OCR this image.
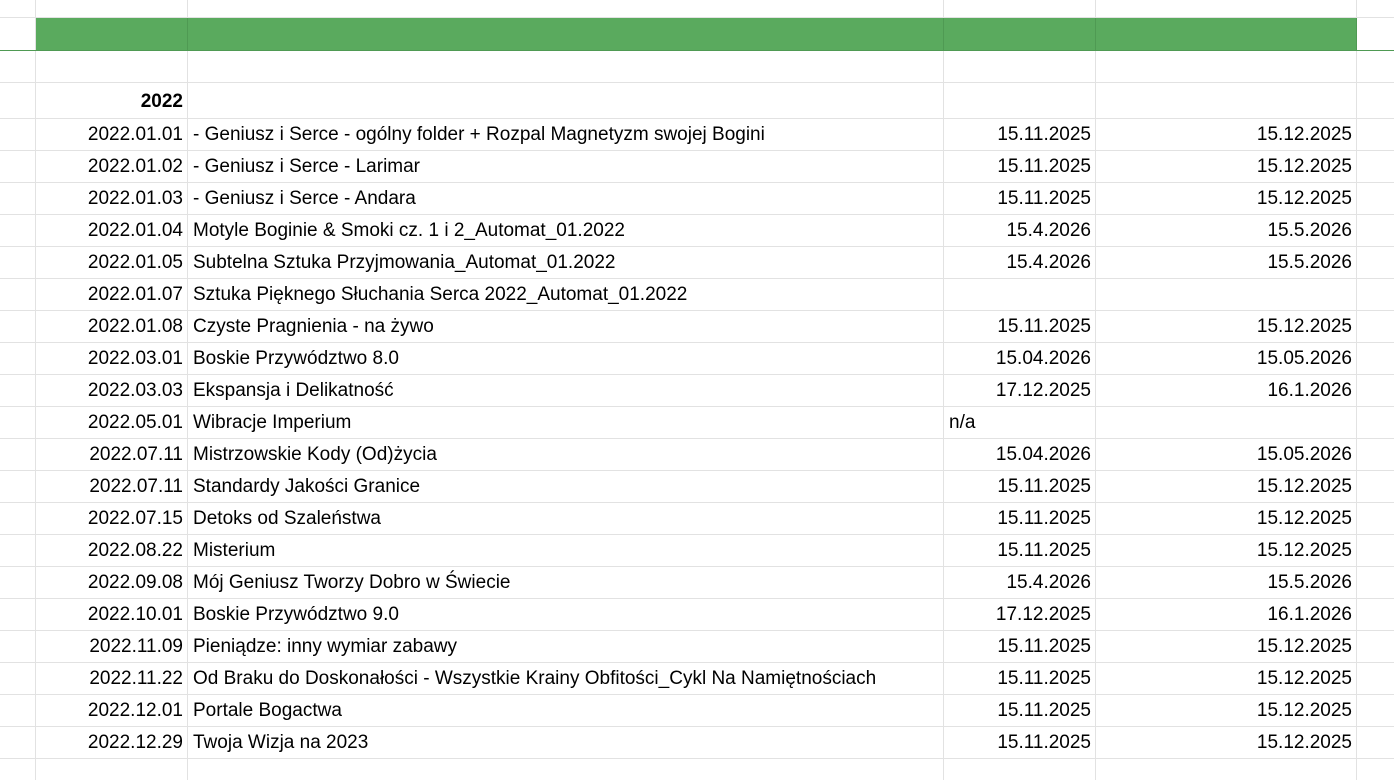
2022
2022.01.01 - Geniusz i Serce - ogólny folder + Rozpal Magnetyzm swojej Bogini	15.11.2025	15.12.2025
2022.01.02 - Geniusz i Serce - Larimar	15.11.2025	15.12.2025
2022.01.03 - Geniusz i Serce - Andara	15.11.2025	15.12.2025
2022.01.04 Motyle Boginie & Smoki cz. 1 i 2_Automat_01.2022	15.4.2026	15.5.2026
2022.01.05 Subtelna Sztuka Przyjmowania_Automat_01.2022	15.4.2026	15.5.2026
2022.01.07 Sztuka Pięknego Słuchania Serca 2022_Automat_01.2022
2022.01.08 Czyste Pragnienia - na żywo	15.11.2025	15.12.2025
2022.03.01 Boskie Przywództwo 8.0	15.04.2026	15.05.2026
2022.03.03 Ekspansja i Delikatność	17.12.2025	16.1.2026
2022.05.01 Wibracje Imperium	n/a
2022.07.11 Mistrzowskie Kody (Od)życia	15.04.2026	15.05.2026
2022.07.11 Standardy Jakości Granice	15.11.2025	15.12.2025
2022.07.15 Detoks od Szaleństwa	15.11.2025	15.12.2025
2022.08.22 Misterium	15.11.2025	15.12.2025
2022.09.08 Mój Geniusz Tworzy Dobro w Świecie	15.4.2026	15.5.2026
2022.10.01 Boskie Przywództwo 9.0	17.12.2025	16.1.2026
2022.11.09 Pieniądze: inny wymiar zabawy	15.11.2025	15.12.2025
2022.11.22 Od Braku do Doskonałości - Wszystkie Krainy Obfitości_Cykl Na Namiętnościach	15.11.2025	15.12.2025
2022.12.01 Portale Bogactwa	15.11.2025	15.12.2025
2022.12.29 Twoja Wizja na 2023	15.11.2025	15.12.2025
